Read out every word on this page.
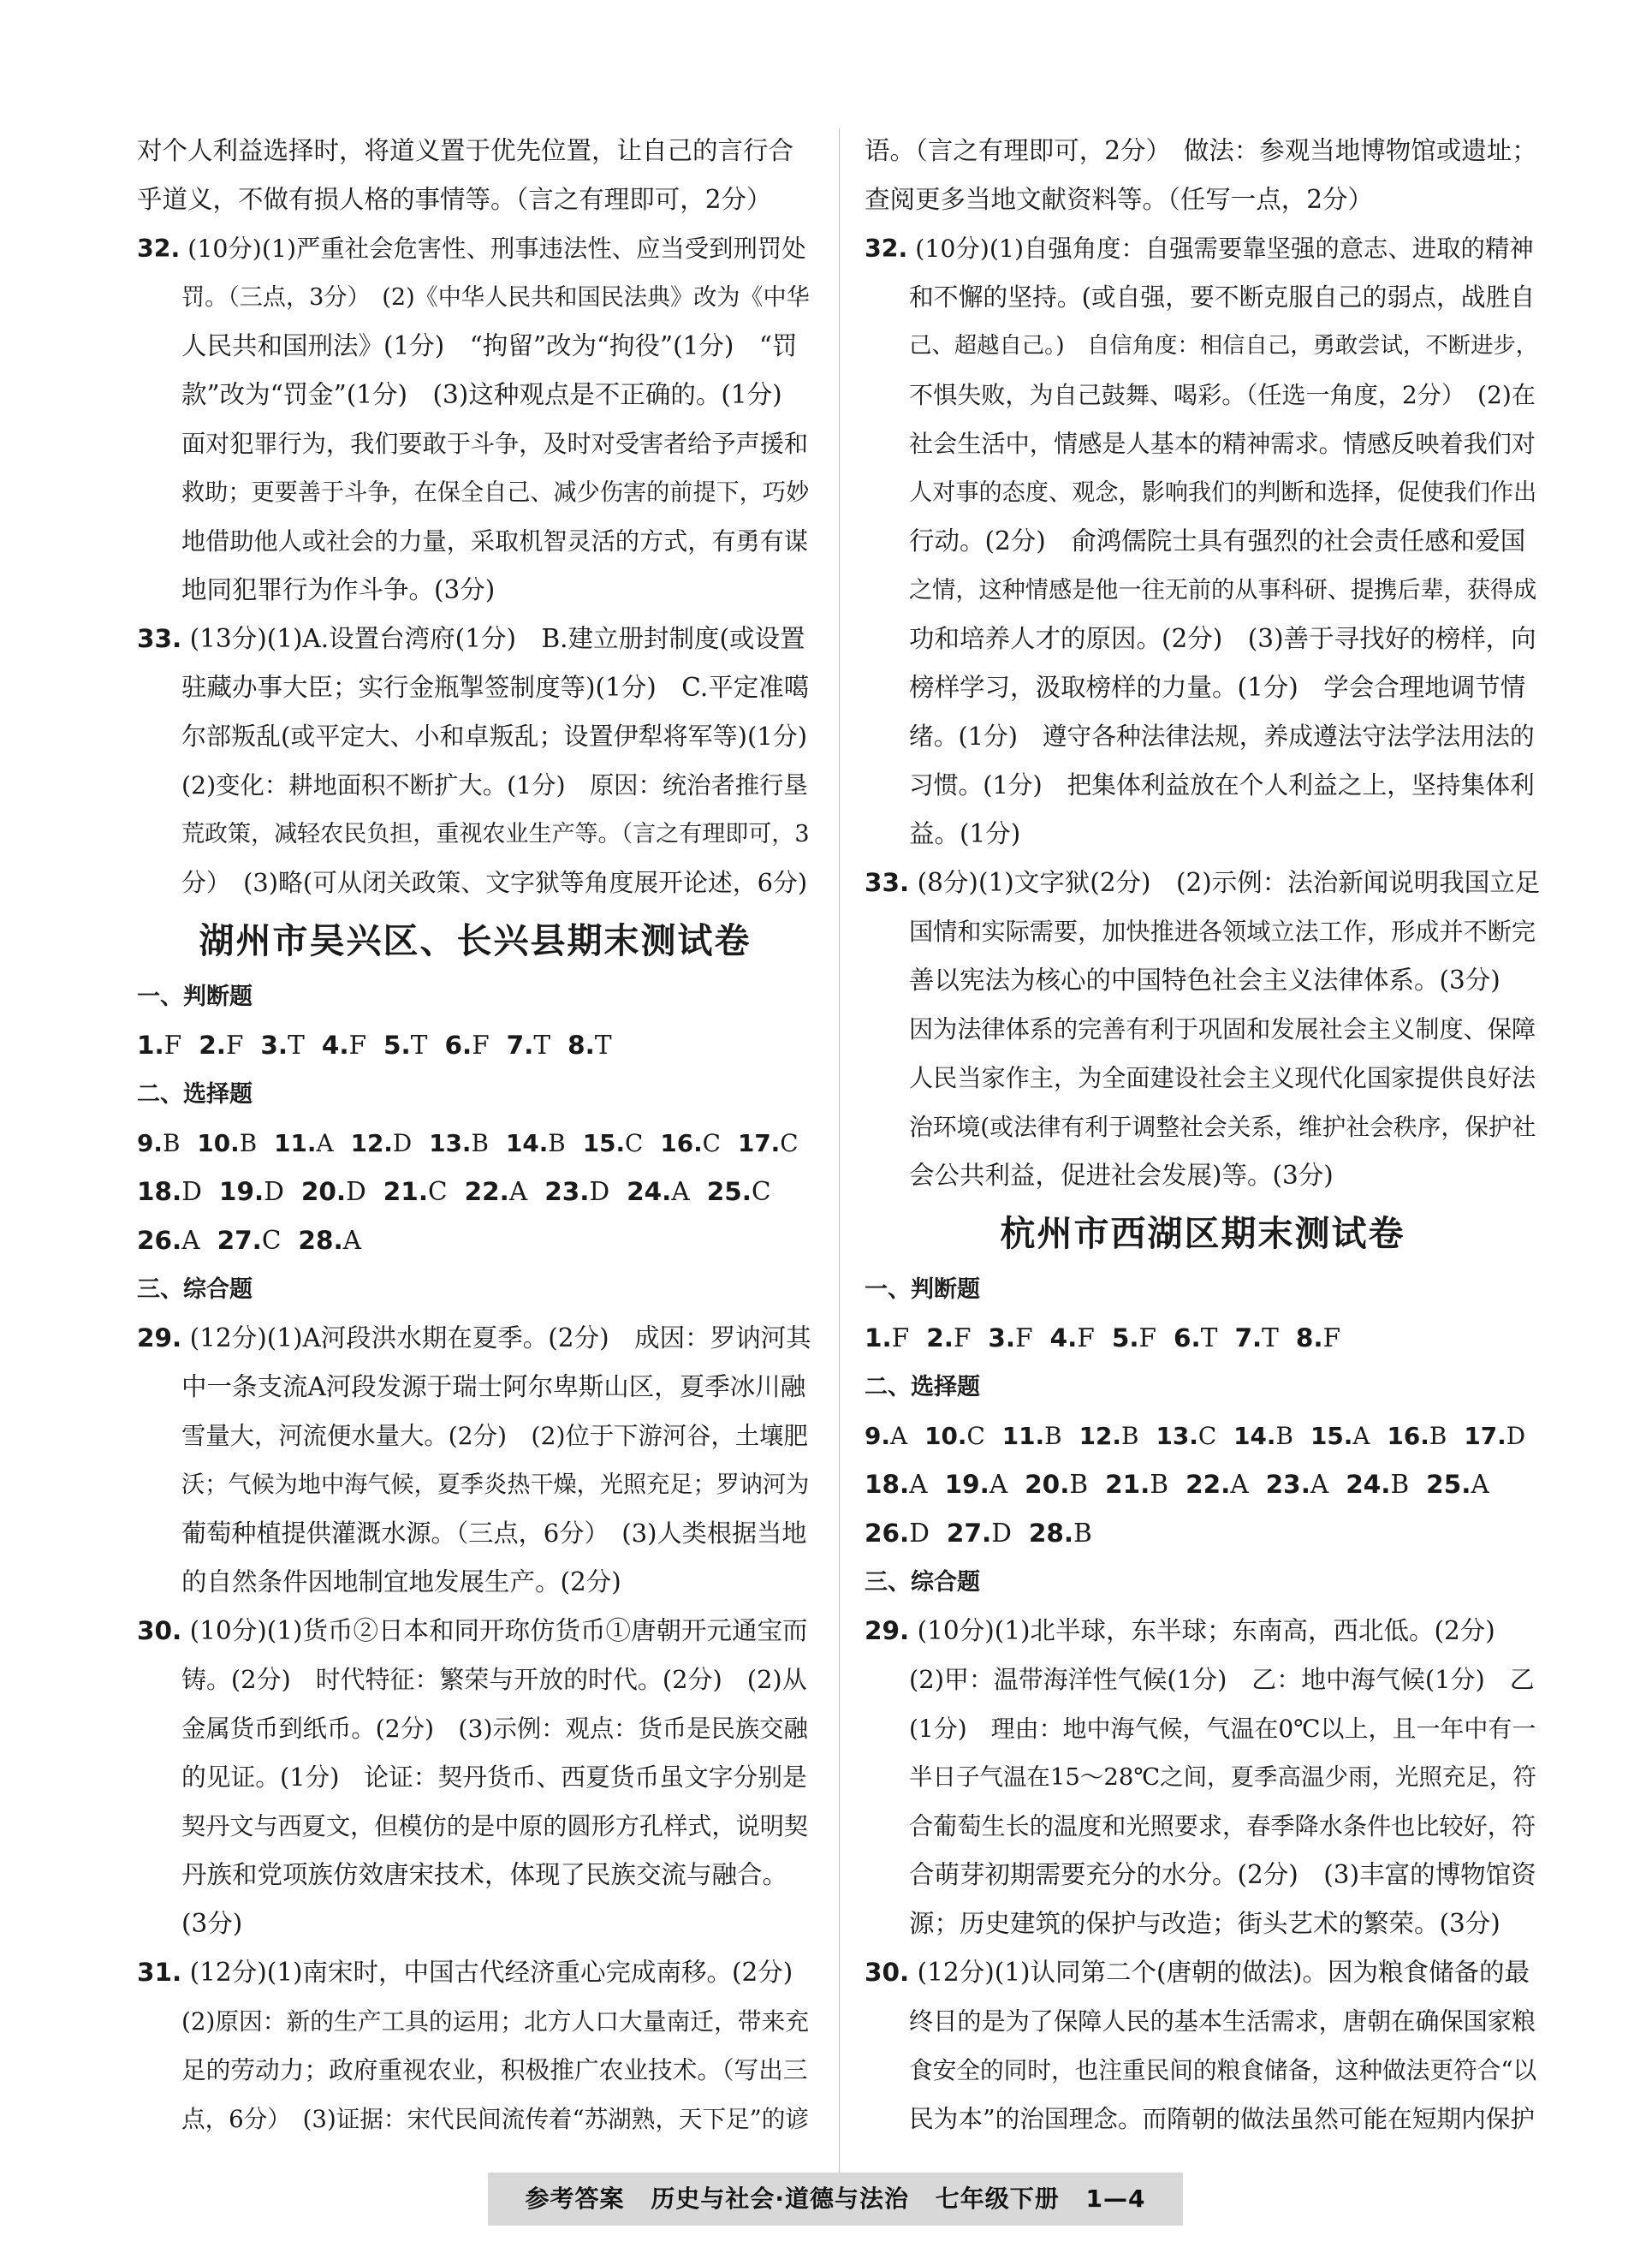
对个人利益选择时，将道义置于优先位置，让自己的言行合
乎道义，不做有损人格的事情等。（言之有理即可，2分）
32. (10分)(1)严重社会危害性、刑事违法性、应当受到刑罚处
罚。（三点，3分）　(2)《中华人民共和国民法典》改为《中华
人民共和国刑法》(1分)　“拘留”改为“拘役”(1分)　“罚
款”改为“罚金”(1分)　(3)这种观点是不正确的。(1分)
面对犯罪行为，我们要敢于斗争，及时对受害者给予声援和
救助；更要善于斗争，在保全自己、减少伤害的前提下，巧妙
地借助他人或社会的力量，采取机智灵活的方式，有勇有谋
地同犯罪行为作斗争。(3分)
33. (13分)(1)A.设置台湾府(1分)　B.建立册封制度(或设置
驻藏办事大臣；实行金瓶掣签制度等)(1分)　C.平定准噶
尔部叛乱(或平定大、小和卓叛乱；设置伊犁将军等)(1分)
(2)变化：耕地面积不断扩大。(1分)　原因：统治者推行垦
荒政策，减轻农民负担，重视农业生产等。（言之有理即可，3
分）　(3)略(可从闭关政策、文字狱等角度展开论述，6分)
湖州市吴兴区、长兴县期末测试卷
一、判断题
1.F 2.F 3.T 4.F 5.T 6.F 7.T 8.T
二、选择题
9.B 10.B 11.A 12.D 13.B 14.B 15.C 16.C 17.C
18.D 19.D 20.D 21.C 22.A 23.D 24.A 25.C
26.A 27.C 28.A
三、综合题
29. (12分)(1)A河段洪水期在夏季。(2分)　成因：罗讷河其
中一条支流A河段发源于瑞士阿尔卑斯山区，夏季冰川融
雪量大，河流便水量大。(2分)　(2)位于下游河谷，土壤肥
沃；气候为地中海气候，夏季炎热干燥，光照充足；罗讷河为
葡萄种植提供灌溉水源。（三点，6分）　(3)人类根据当地
的自然条件因地制宜地发展生产。(2分)
30. (10分)(1)货币②日本和同开珎仿货币①唐朝开元通宝而
铸。(2分)　时代特征：繁荣与开放的时代。(2分)　(2)从
金属货币到纸币。(2分)　(3)示例：观点：货币是民族交融
的见证。(1分)　论证：契丹货币、西夏货币虽文字分别是
契丹文与西夏文，但模仿的是中原的圆形方孔样式，说明契
丹族和党项族仿效唐宋技术，体现了民族交流与融合。
(3分)
31. (12分)(1)南宋时，中国古代经济重心完成南移。(2分)
(2)原因：新的生产工具的运用；北方人口大量南迁，带来充
足的劳动力；政府重视农业，积极推广农业技术。（写出三
点，6分）　(3)证据：宋代民间流传着“苏湖熟，天下足”的谚
语。（言之有理即可，2分）　做法：参观当地博物馆或遗址；
查阅更多当地文献资料等。（任写一点，2分）
32. (10分)(1)自强角度：自强需要靠坚强的意志、进取的精神
和不懈的坚持。(或自强，要不断克服自己的弱点，战胜自
己、超越自己。)　自信角度：相信自己，勇敢尝试，不断进步，
不惧失败，为自己鼓舞、喝彩。（任选一角度，2分）　(2)在
社会生活中，情感是人基本的精神需求。情感反映着我们对
人对事的态度、观念，影响我们的判断和选择，促使我们作出
行动。(2分)　俞鸿儒院士具有强烈的社会责任感和爱国
之情，这种情感是他一往无前的从事科研、提携后辈，获得成
功和培养人才的原因。(2分)　(3)善于寻找好的榜样，向
榜样学习，汲取榜样的力量。(1分)　学会合理地调节情
绪。(1分)　遵守各种法律法规，养成遵法守法学法用法的
习惯。(1分)　把集体利益放在个人利益之上，坚持集体利
益。(1分)
33. (8分)(1)文字狱(2分)　(2)示例：法治新闻说明我国立足
国情和实际需要，加快推进各领域立法工作，形成并不断完
善以宪法为核心的中国特色社会主义法律体系。(3分)
因为法律体系的完善有利于巩固和发展社会主义制度、保障
人民当家作主，为全面建设社会主义现代化国家提供良好法
治环境(或法律有利于调整社会关系，维护社会秩序，保护社
会公共利益，促进社会发展)等。(3分)
杭州市西湖区期末测试卷
一、判断题
1.F 2.F 3.F 4.F 5.F 6.T 7.T 8.F
二、选择题
9.A 10.C 11.B 12.B 13.C 14.B 15.A 16.B 17.D
18.A 19.A 20.B 21.B 22.A 23.A 24.B 25.A
26.D 27.D 28.B
三、综合题
29. (10分)(1)北半球，东半球；东南高，西北低。(2分)
(2)甲：温带海洋性气候(1分)　乙：地中海气候(1分)　乙
(1分)　理由：地中海气候，气温在0℃以上，且一年中有一
半日子气温在15～28℃之间，夏季高温少雨，光照充足，符
合葡萄生长的温度和光照要求，春季降水条件也比较好，符
合萌芽初期需要充分的水分。(2分)　(3)丰富的博物馆资
源；历史建筑的保护与改造；街头艺术的繁荣。(3分)
30. (12分)(1)认同第二个(唐朝的做法)。因为粮食储备的最
终目的是为了保障人民的基本生活需求，唐朝在确保国家粮
食安全的同时，也注重民间的粮食储备，这种做法更符合“以
民为本”的治国理念。而隋朝的做法虽然可能在短期内保护
参考答案 历史与社会·道德与法治 七年级下册 1—4
